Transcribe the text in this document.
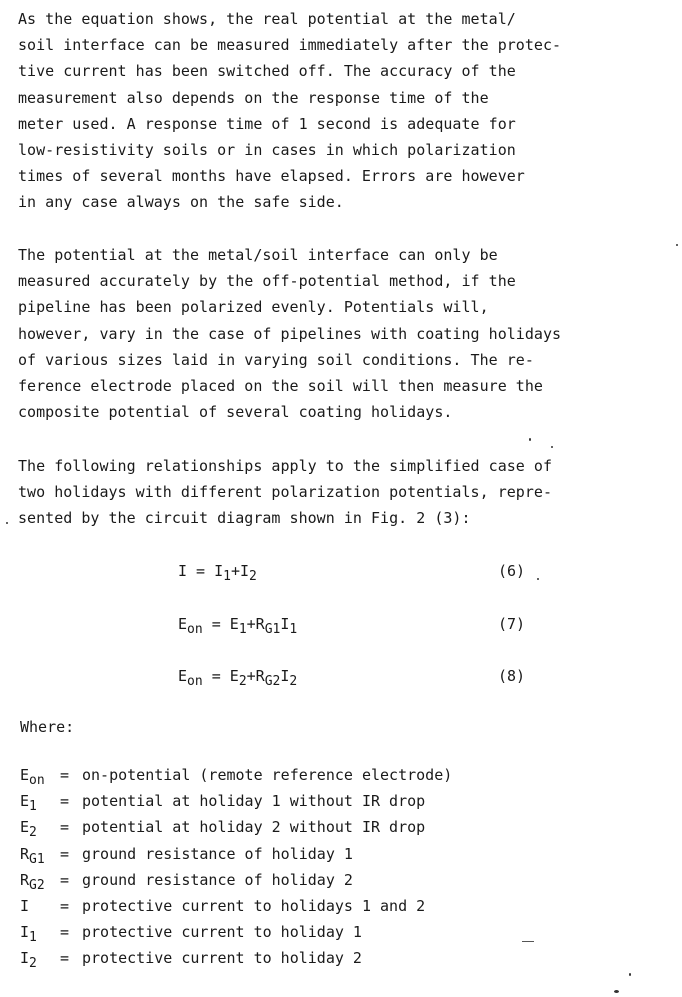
As the equation shows, the real potential at the metal/
soil interface can be measured immediately after the protec-
tive current has been switched off. The accuracy of the
measurement also depends on the response time of the
meter used. A response time of 1 second is adequate for
low-resistivity soils or in cases in which polarization
times of several months have elapsed. Errors are however
in any case always on the safe side.
The potential at the metal/soil interface can only be
measured accurately by the off-potential method, if the
pipeline has been polarized evenly. Potentials will,
however, vary in the case of pipelines with coating holidays
of various sizes laid in varying soil conditions. The re-
ference electrode placed on the soil will then measure the
composite potential of several coating holidays.
The following relationships apply to the simplified case of
two holidays with different polarization potentials, repre-
sented by the circuit diagram shown in Fig. 2 (3):
$I = I_1+I_2$	(6)
$E_{on} = E_1+R_{G1}I_1$	(7)
$E_{on} = E_2+R_{G2}I_2$	(8)
Where:
$E_{on}$	= on-potential (remote reference electrode)
$E_1$	= potential at holiday 1 without IR drop
$E_2$	= potential at holiday 2 without IR drop
$R_{G1}$	= ground resistance of holiday 1
$R_{G2}$	= ground resistance of holiday 2
I	= protective current to holidays 1 and 2
$I_1$	= protective current to holiday 1
$I_2$	= protective current to holiday 2
